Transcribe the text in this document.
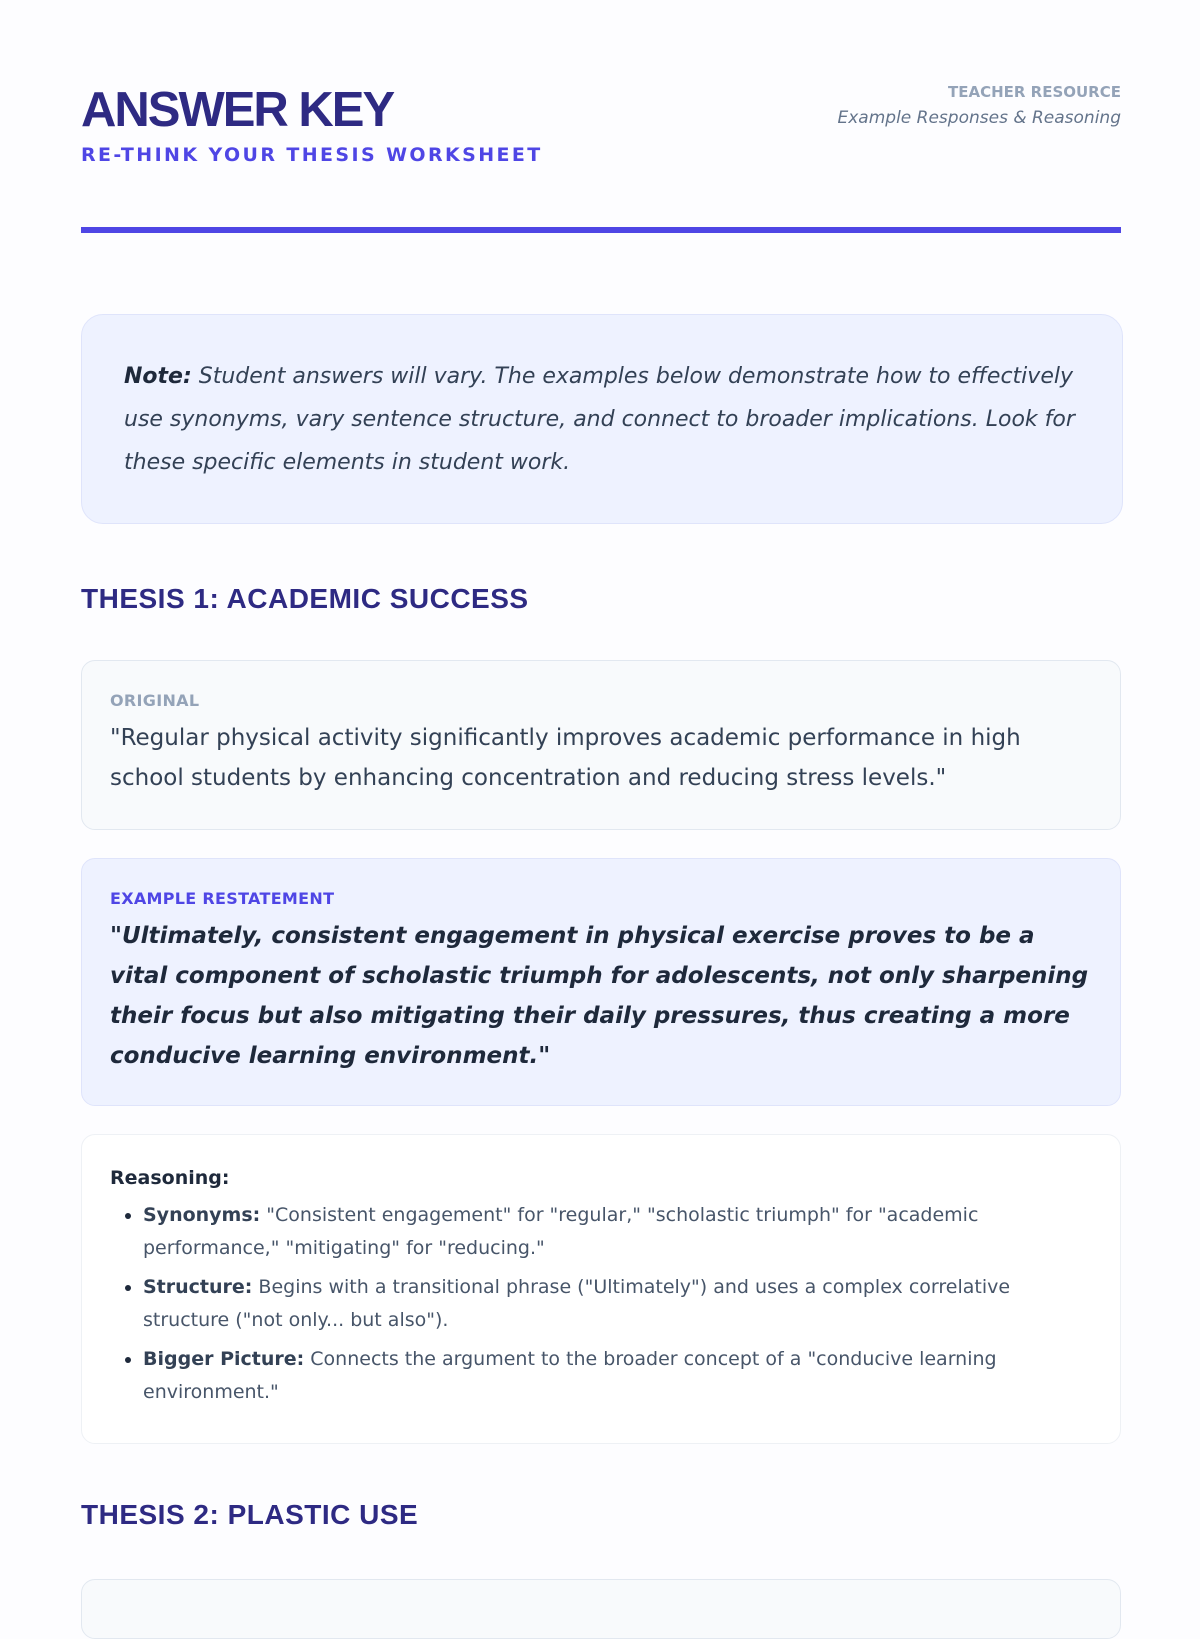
ANSWER KEY
RE-THINK YOUR THESIS WORKSHEET
TEACHER RESOURCE
Example Responses & Reasoning
Note: Student answers will vary. The examples below demonstrate how to effectively use synonyms, vary sentence structure, and connect to broader implications. Look for these specific elements in student work.
THESIS 1: ACADEMIC SUCCESS
ORIGINAL
"Regular physical activity significantly improves academic performance in high school students by enhancing concentration and reducing stress levels."
EXAMPLE RESTATEMENT
"Ultimately, consistent engagement in physical exercise proves to be a vital component of scholastic triumph for adolescents, not only sharpening their focus but also mitigating their daily pressures, thus creating a more conducive learning environment."
Reasoning:
• Synonyms: "Consistent engagement" for "regular," "scholastic triumph" for "academic performance," "mitigating" for "reducing."
• Structure: Begins with a transitional phrase ("Ultimately") and uses a complex correlative structure ("not only... but also").
• Bigger Picture: Connects the argument to the broader concept of a "conducive learning environment."
THESIS 2: PLASTIC USE
